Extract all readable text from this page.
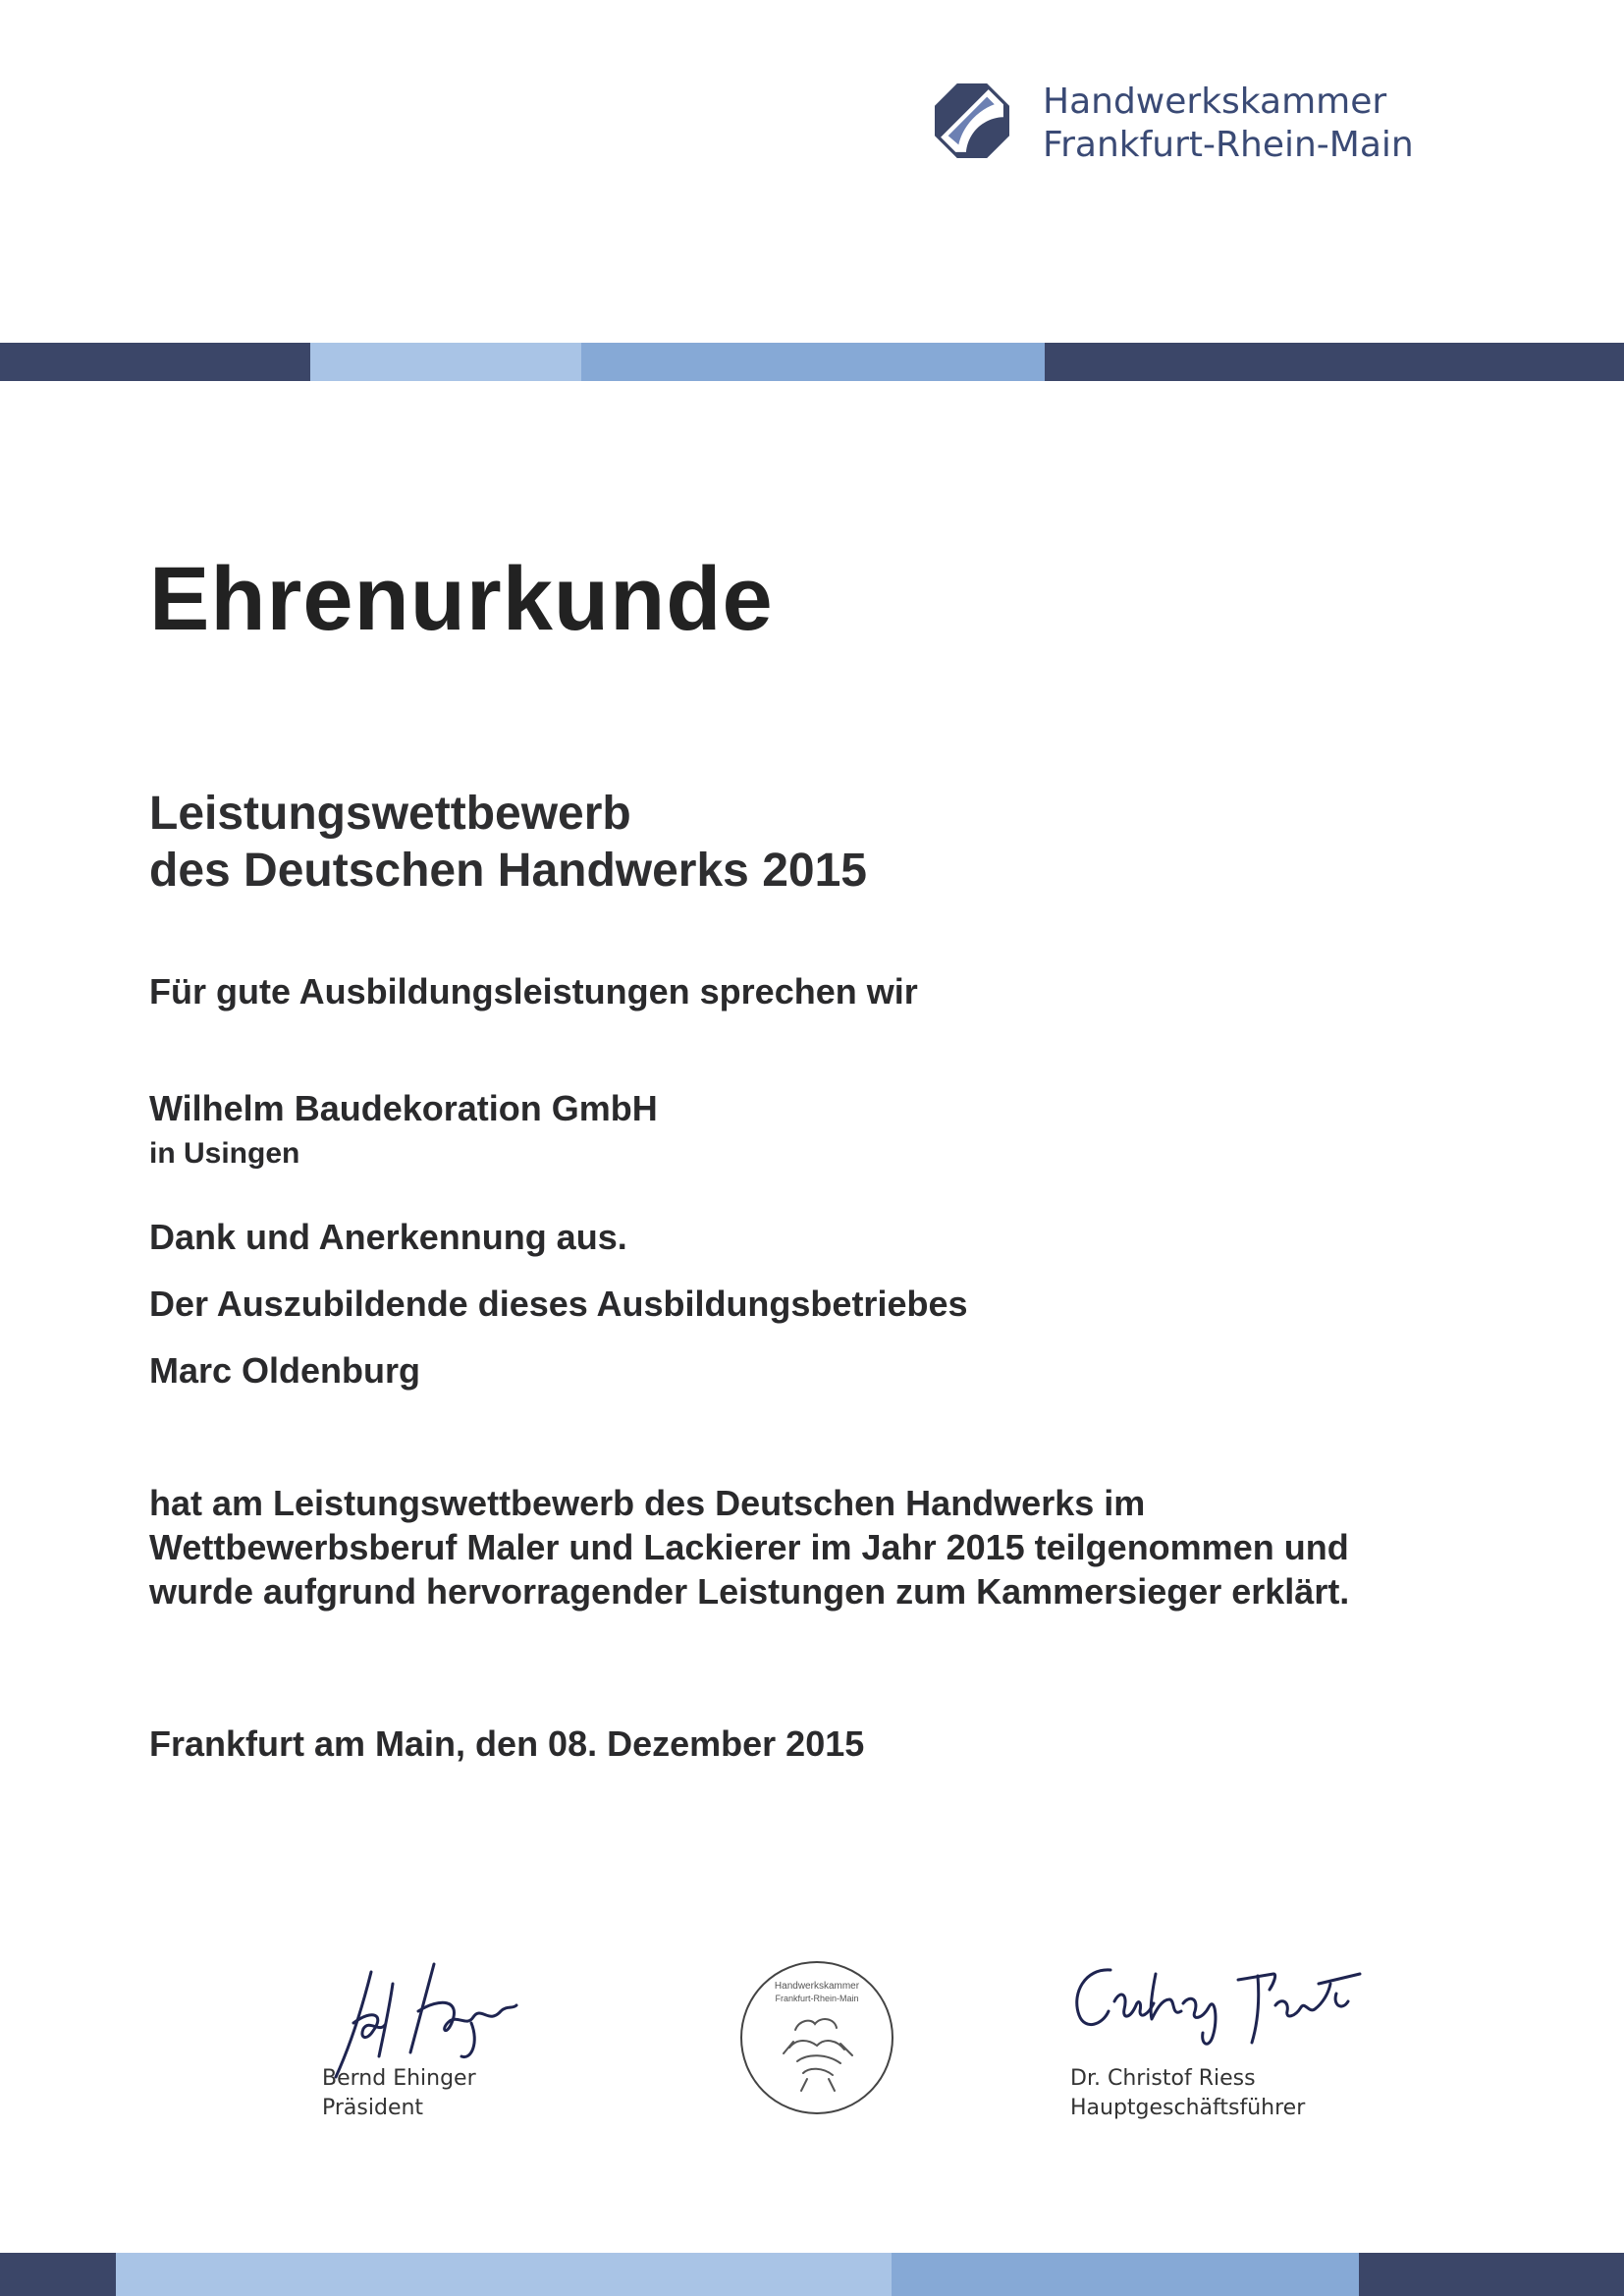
Handwerkskammer
Frankfurt-Rhein-Main
Ehrenurkunde
Leistungswettbewerb
des Deutschen Handwerks 2015
Für gute Ausbildungsleistungen sprechen wir
Wilhelm Baudekoration GmbH
in Usingen
Dank und Anerkennung aus.
Der Auszubildende dieses Ausbildungsbetriebes
Marc Oldenburg
hat am Leistungswettbewerb des Deutschen Handwerks im
Wettbewerbsberuf Maler und Lackierer im Jahr 2015 teilgenommen und
wurde aufgrund hervorragender Leistungen zum Kammersieger erklärt.
Frankfurt am Main, den 08. Dezember 2015
Bernd Ehinger
Präsident
Handwerkskammer
Frankfurt-Rhein-Main
Dr. Christof Riess
Hauptgeschäftsführer
